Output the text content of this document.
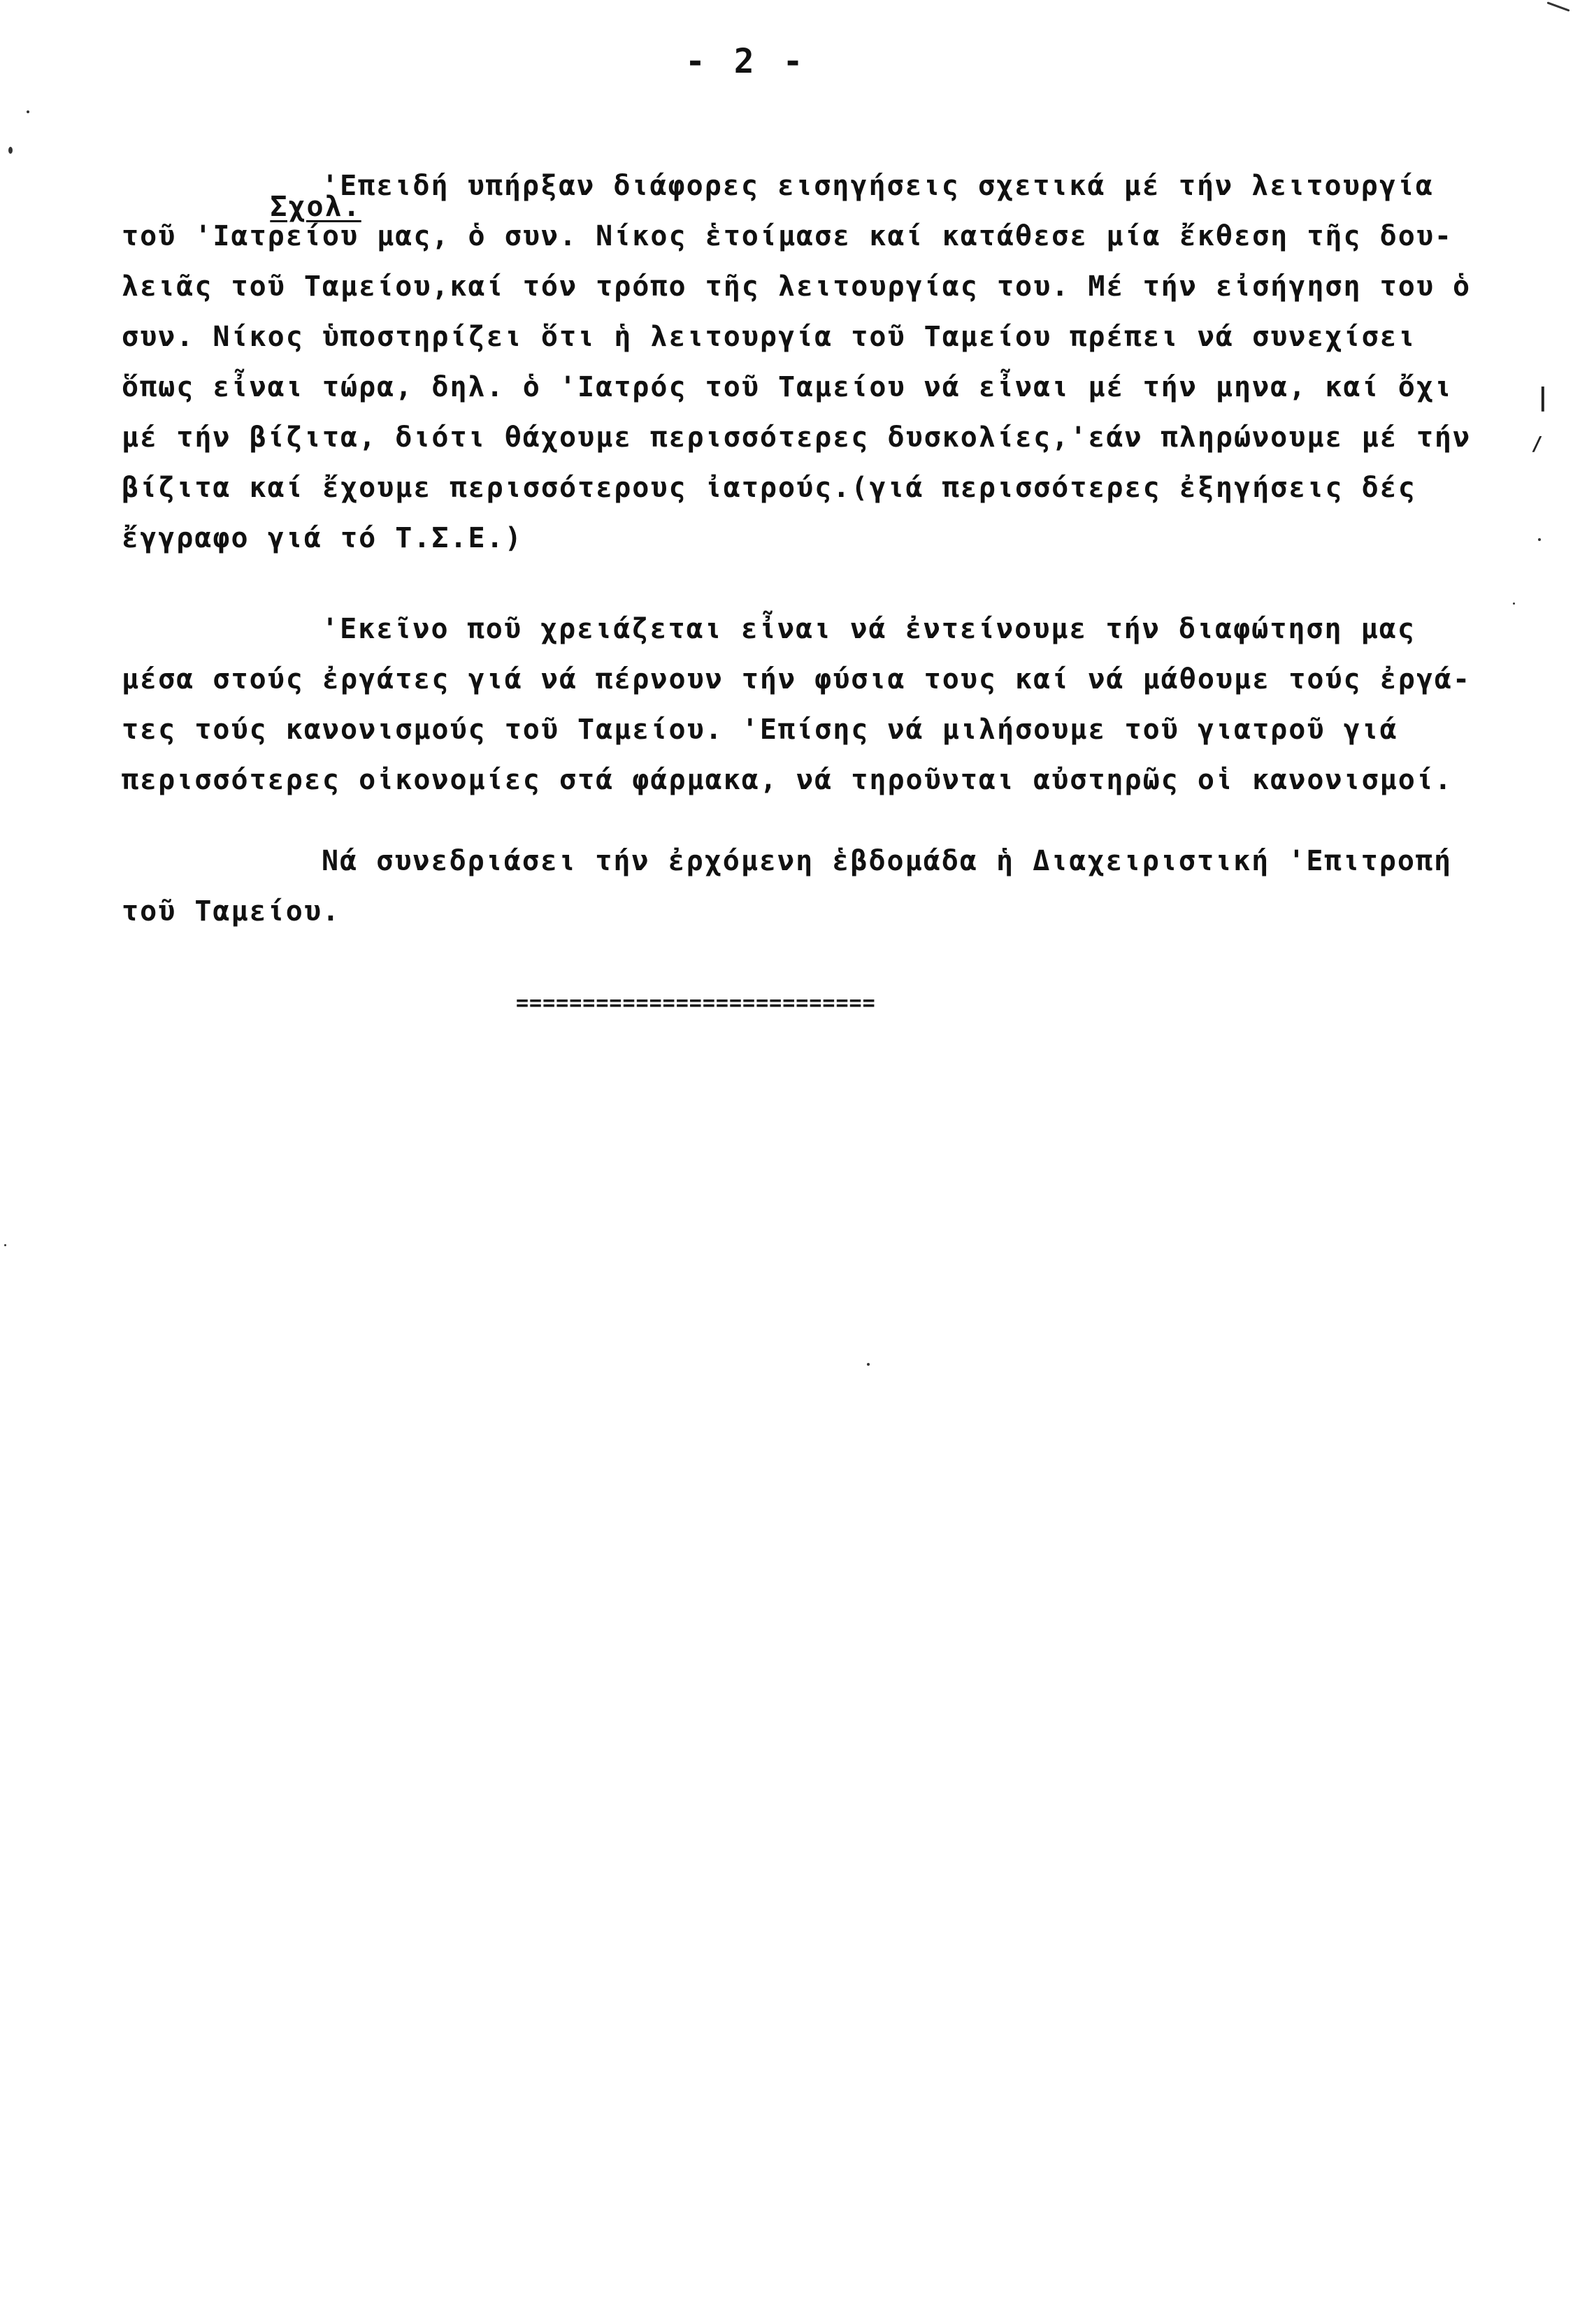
- 2 -

Σχολ.

'Επειδή υπήρξαν διάφορες εισηγήσεις σχετικά μέ τήν λειτουργία
τοῦ 'Ιατρείου μας, ὁ συν. Νίκος ἑτοίμασε καί κατάθεσε μία ἔκθεση τῆς δου-
λειᾶς τοῦ Ταμείου,καί τόν τρόπο τῆς λειτουργίας του. Μέ τήν εἰσήγηση του ὁ
συν. Νίκος ὑποστηρίζει ὅτι ἡ λειτουργία τοῦ Ταμείου πρέπει νά συνεχίσει
ὅπως εἶναι τώρα, δηλ. ὁ 'Ιατρός τοῦ Ταμείου νά εἶναι μέ τήν μηνα, καί ὄχι
μέ τήν βίζιτα, διότι θάχουμε περισσότερες δυσκολίες,'εάν πληρώνουμε μέ τήν
βίζιτα καί ἔχουμε περισσότερους ἰατρούς.(γιά περισσότερες ἐξηγήσεις δές
ἔγγραφο γιά τό Τ.Σ.Ε.)
'Εκεῖνο ποῦ χρειάζεται εἶναι νά ἐντείνουμε τήν διαφώτηση μας
μέσα στούς ἐργάτες γιά νά πέρνουν τήν φύσια τους καί νά μάθουμε τούς ἐργά-
τες τούς κανονισμούς τοῦ Ταμείου. 'Επίσης νά μιλήσουμε τοῦ γιατροῦ γιά
περισσότερες οἰκονομίες στά φάρμακα, νά τηροῦνται αὐστηρῶς οἱ κανονισμοί.
Νά συνεδριάσει τήν ἐρχόμενη ἑβδομάδα ἡ Διαχειριστική 'Επιτροπή
τοῦ Ταμείου.
===========================
|
/
